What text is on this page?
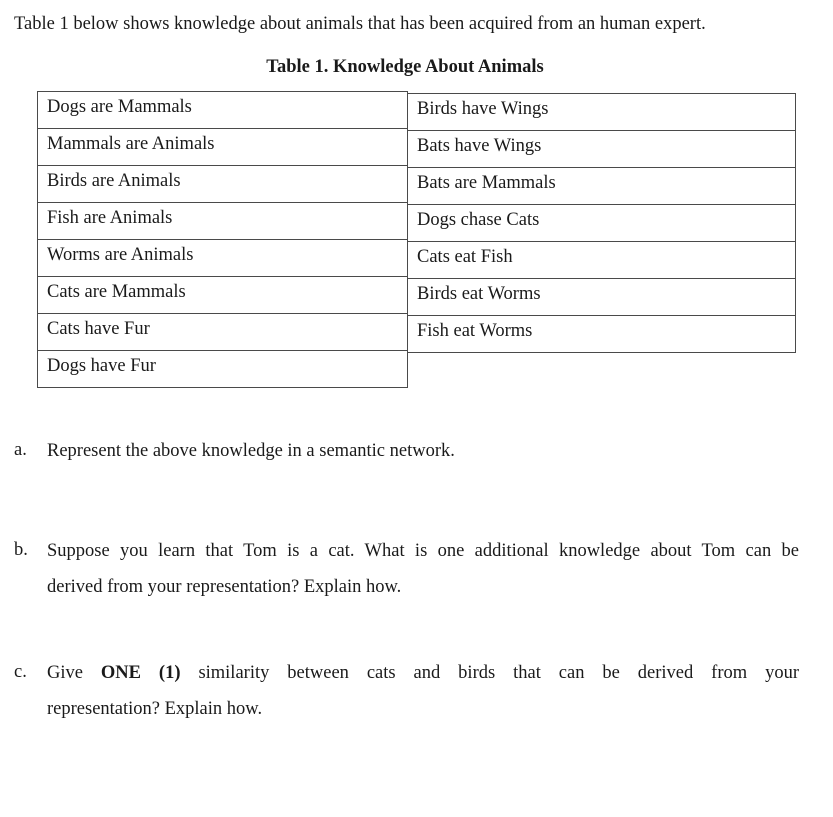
Table 1 below shows knowledge about animals that has been acquired from an human expert.
Table 1. Knowledge About Animals
Dogs are Mammals
Mammals are Animals
Birds are Animals
Fish are Animals
Worms are Animals
Cats are Mammals
Cats have Fur
Dogs have Fur
Birds have Wings
Bats have Wings
Bats are Mammals
Dogs chase Cats
Cats eat Fish
Birds eat Worms
Fish eat Worms
a. Represent the above knowledge in a semantic network.
b. Suppose you learn that Tom is a cat. What is one additional knowledge about Tom can be
derived from your representation? Explain how.
c. Give ONE (1) similarity between cats and birds that can be derived from your
representation? Explain how.
